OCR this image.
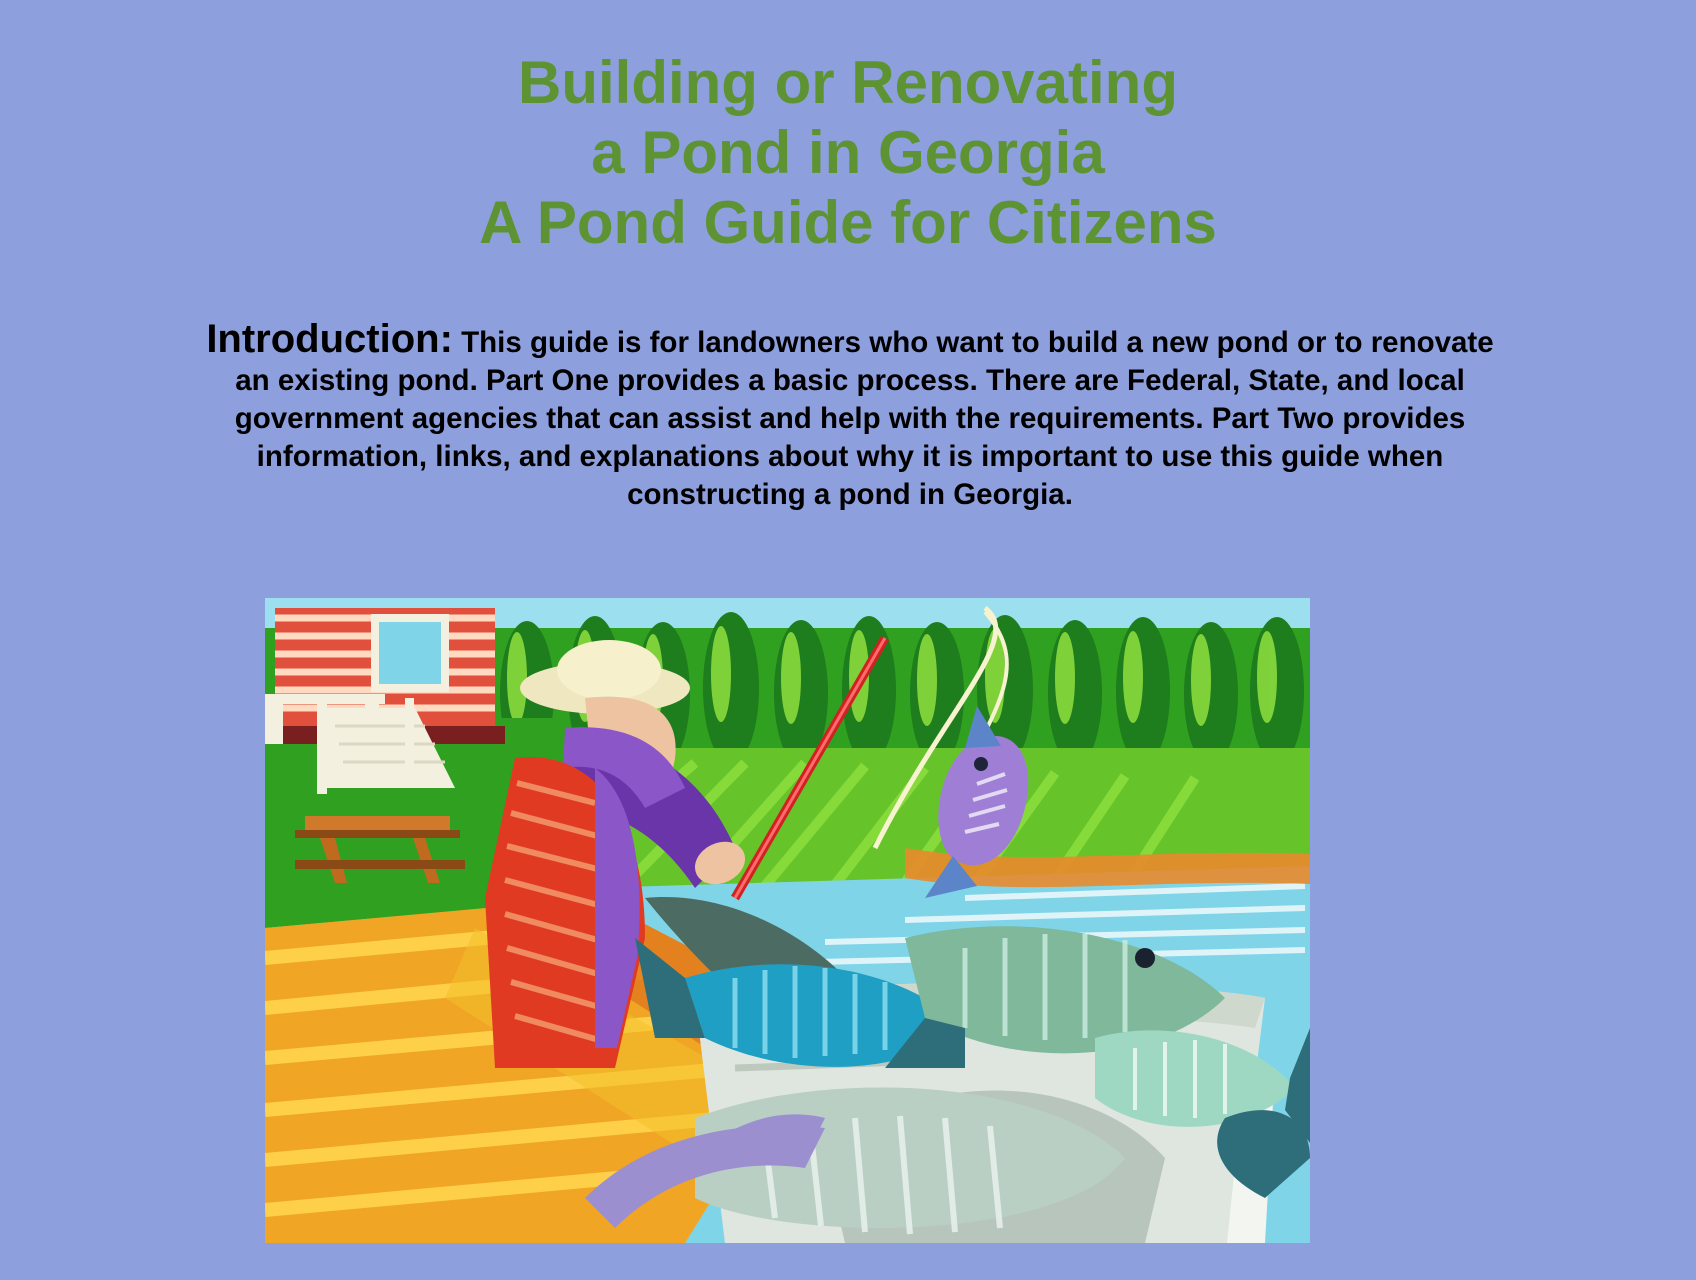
Building or Renovating
a Pond in Georgia
A Pond Guide for Citizens
Introduction: This guide is for landowners who want to build a new pond or to renovate an existing pond. Part One provides a basic process. There are Federal, State, and local government agencies that can assist and help with the requirements. Part Two provides information, links, and explanations about why it is important to use this guide when constructing a pond in Georgia.
